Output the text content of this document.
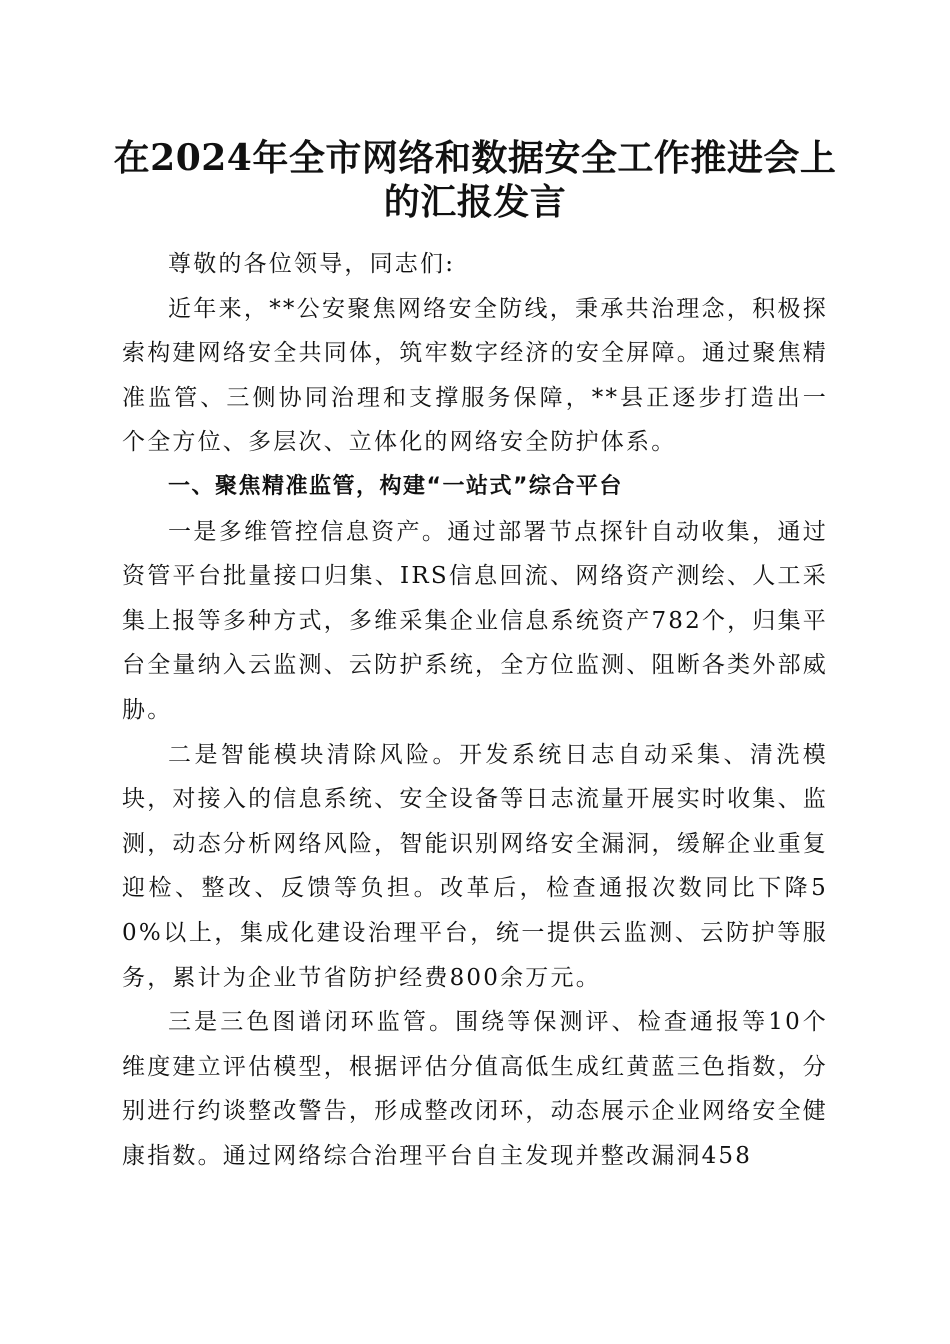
在2024年全市网络和数据安全工作推进会上
的汇报发言

尊敬的各位领导，同志们:

近年来，**公安聚焦网络安全防线，秉承共治理念，积极探索构建网络安全共同体，筑牢数字经济的安全屏障。通过聚焦精准监管、三侧协同治理和支撑服务保障，**县正逐步打造出一个全方位、多层次、立体化的网络安全防护体系。

一、聚焦精准监管，构建“一站式”综合平台

一是多维管控信息资产。通过部署节点探针自动收集，通过资管平台批量接口归集、IRS信息回流、网络资产测绘、人工采集上报等多种方式，多维采集企业信息系统资产782个，归集平台全量纳入云监测、云防护系统，全方位监测、阻断各类外部威胁。

二是智能模块清除风险。开发系统日志自动采集、清洗模块，对接入的信息系统、安全设备等日志流量开展实时收集、监测，动态分析网络风险，智能识别网络安全漏洞，缓解企业重复迎检、整改、反馈等负担。改革后，检查通报次数同比下降50%以上，集成化建设治理平台，统一提供云监测、云防护等服务，累计为企业节省防护经费800余万元。

三是三色图谱闭环监管。围绕等保测评、检查通报等10个维度建立评估模型，根据评估分值高低生成红黄蓝三色指数，分别进行约谈整改警告，形成整改闭环，动态展示企业网络安全健康指数。通过网络综合治理平台自主发现并整改漏洞458
